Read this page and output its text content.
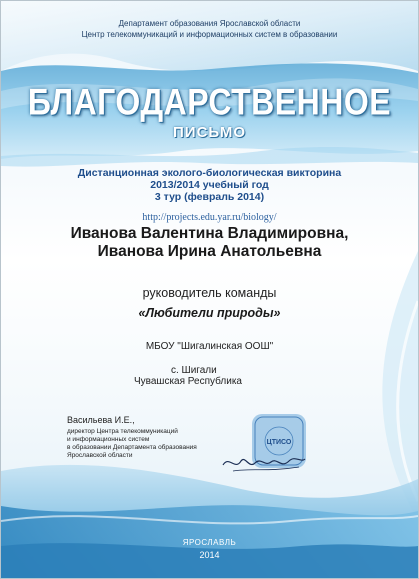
Департамент образования Ярославской области
Центр телекоммуникаций и информационных систем в образовании
БЛАГОДАРСТВЕННОЕ
ПИСЬМО
Дистанционная эколого-биологическая викторина
2013/2014 учебный год
3 тур (февраль 2014)
http://projects.edu.yar.ru/biology/
Иванова Валентина Владимировна,
Иванова Ирина Анатольевна
руководитель команды
«Любители природы»
МБОУ "Шигалинская ООШ"
с. Шигали
Чувашская Республика
Васильева И.Е.,
директор Центра телекоммуникаций
и информационных систем
в образовании Департамента образования
Ярославской области
ЦТИСО
ЯРОСЛАВЛЬ
2014
